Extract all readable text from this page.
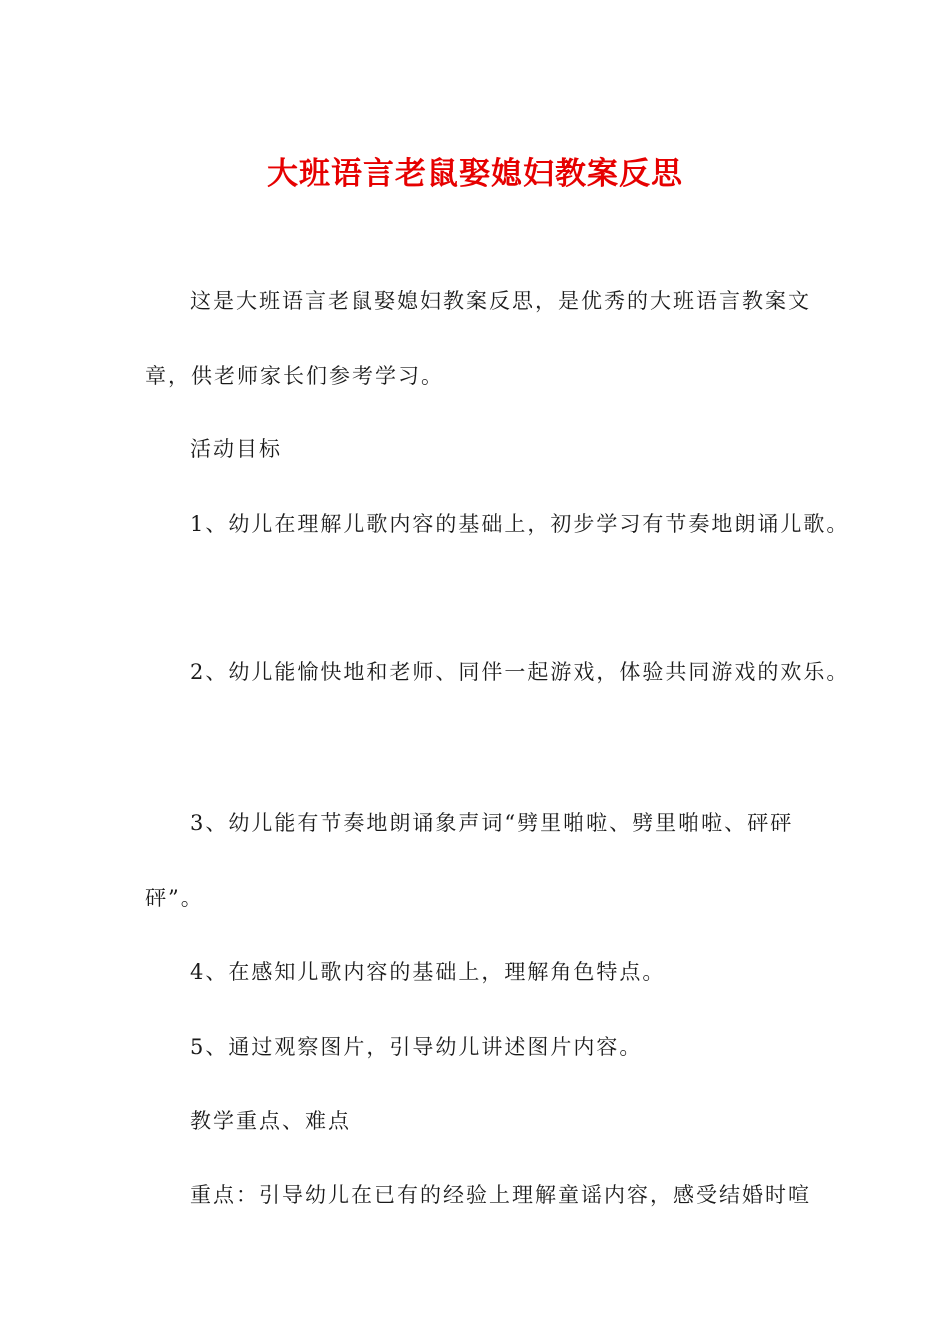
大班语言老鼠娶媳妇教案反思

这是大班语言老鼠娶媳妇教案反思，是优秀的大班语言教案文

章，供老师家长们参考学习。

活动目标

1、幼儿在理解儿歌内容的基础上，初步学习有节奏地朗诵儿歌。

2、幼儿能愉快地和老师、同伴一起游戏，体验共同游戏的欢乐。

3、幼儿能有节奏地朗诵象声词“劈里啪啦、劈里啪啦、砰砰

砰”。

4、在感知儿歌内容的基础上，理解角色特点。

5、通过观察图片，引导幼儿讲述图片内容。

教学重点、难点

重点：引导幼儿在已有的经验上理解童谣内容，感受结婚时喧
